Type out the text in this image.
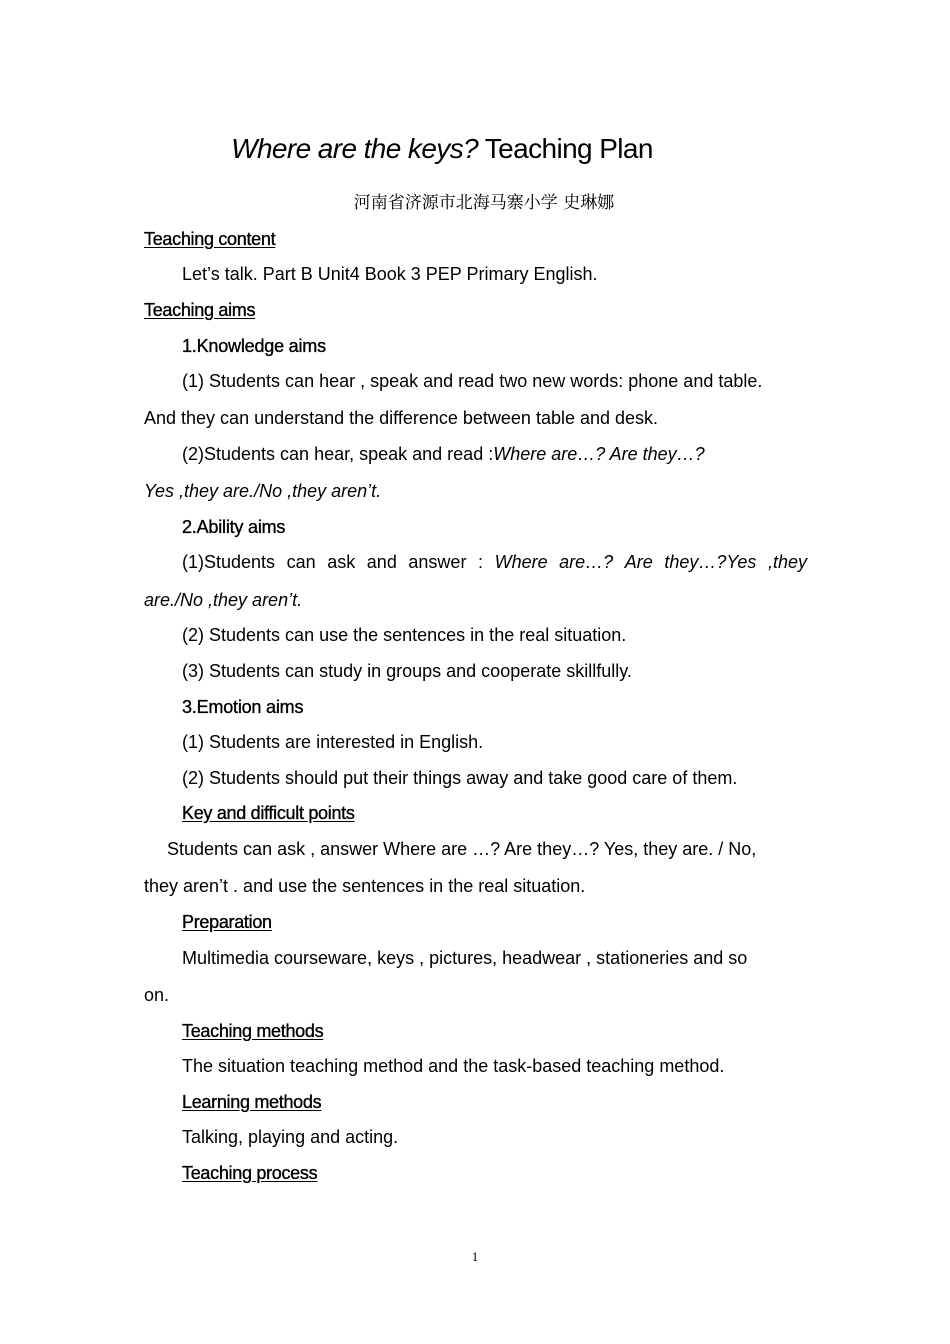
Where are the keys? Teaching Plan
河南省济源市北海马寨小学 史琳娜
Teaching content
Let’s talk. Part B Unit4 Book 3 PEP Primary English.
Teaching aims
1.Knowledge aims
(1) Students can hear , speak and read two new words: phone and table.
And they can understand the difference between table and desk.
(2)Students can hear, speak and read :Where are…? Are they…?
Yes ,they are./No ,they aren’t.
2.Ability aims
(1)Students can ask and answer : Where are…? Are they…?Yes ,they
are./No ,they aren’t.
(2) Students can use the sentences in the real situation.
(3) Students can study in groups and cooperate skillfully.
3.Emotion aims
(1) Students are interested in English.
(2) Students should put their things away and take good care of them.
Key and difficult points
Students can ask , answer Where are …? Are they…? Yes, they are. / No,
they aren’t . and use the sentences in the real situation.
Preparation
Multimedia courseware, keys , pictures, headwear , stationeries and so
on.
Teaching methods
The situation teaching method and the task-based teaching method.
Learning methods
Talking, playing and acting.
Teaching process
1
